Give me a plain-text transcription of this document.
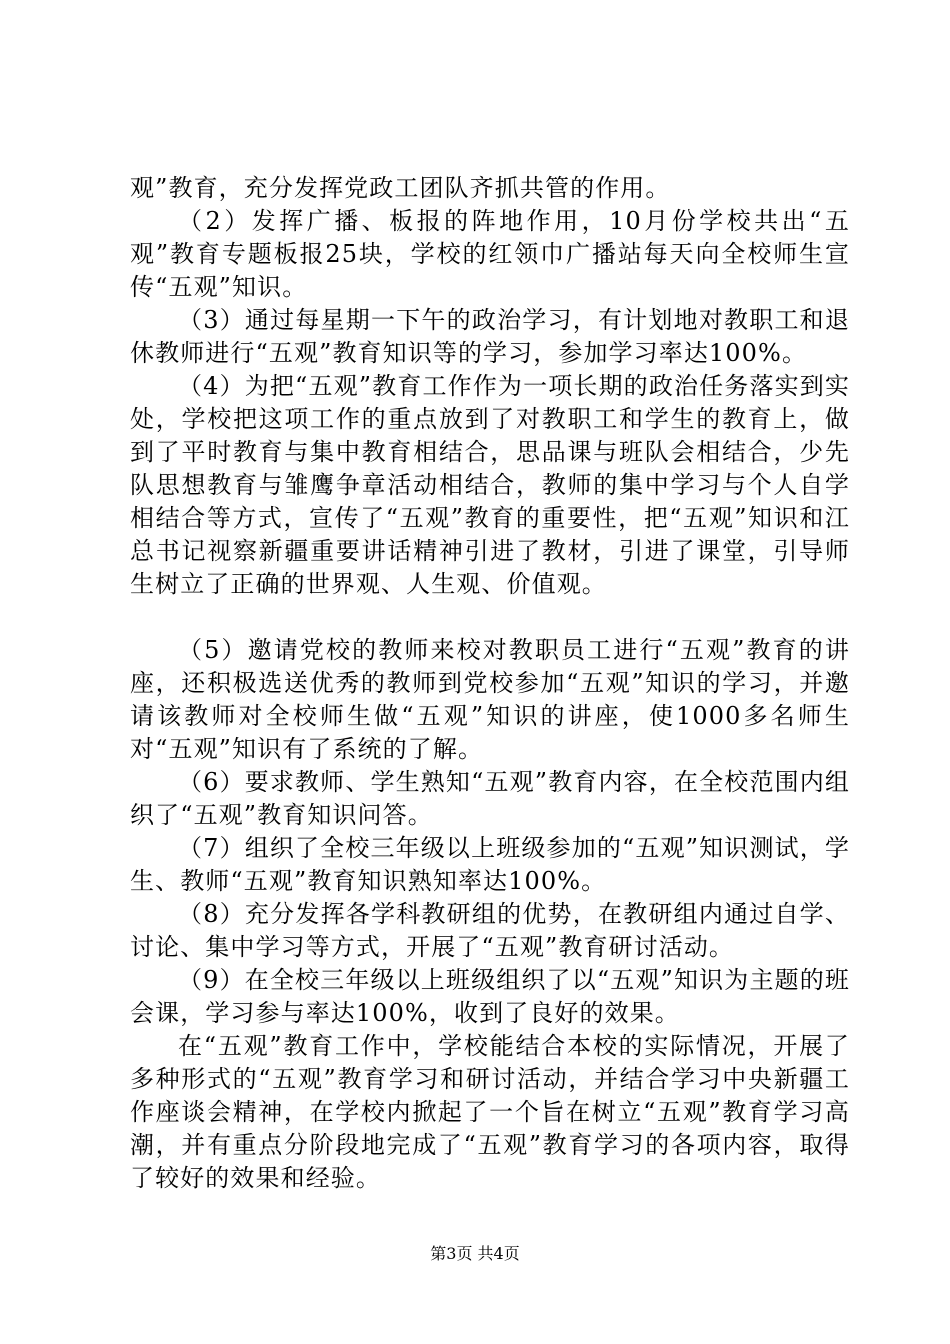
观”教育，充分发挥党政工团队齐抓共管的作用。

（2）发挥广播、板报的阵地作用，10月份学校共出“五观”教育专题板报25块，学校的红领巾广播站每天向全校师生宣传“五观”知识。

（3）通过每星期一下午的政治学习，有计划地对教职工和退休教师进行“五观”教育知识等的学习，参加学习率达100%。

（4）为把“五观”教育工作作为一项长期的政治任务落实到实处，学校把这项工作的重点放到了对教职工和学生的教育上，做到了平时教育与集中教育相结合，思品课与班队会相结合，少先队思想教育与雏鹰争章活动相结合，教师的集中学习与个人自学相结合等方式，宣传了“五观”教育的重要性，把“五观”知识和江总书记视察新疆重要讲话精神引进了教材，引进了课堂，引导师生树立了正确的世界观、人生观、价值观。

（5）邀请党校的教师来校对教职员工进行“五观”教育的讲座，还积极选送优秀的教师到党校参加“五观”知识的学习，并邀请该教师对全校师生做“五观”知识的讲座，使1000多名师生对“五观”知识有了系统的了解。

（6）要求教师、学生熟知“五观”教育内容，在全校范围内组织了“五观”教育知识问答。

（7）组织了全校三年级以上班级参加的“五观”知识测试，学生、教师“五观”教育知识熟知率达100%。

（8）充分发挥各学科教研组的优势，在教研组内通过自学、讨论、集中学习等方式，开展了“五观”教育研讨活动。

（9）在全校三年级以上班级组织了以“五观”知识为主题的班会课，学习参与率达100%，收到了良好的效果。

在“五观”教育工作中，学校能结合本校的实际情况，开展了多种形式的“五观”教育学习和研讨活动，并结合学习中央新疆工作座谈会精神，在学校内掀起了一个旨在树立“五观”教育学习高潮，并有重点分阶段地完成了“五观”教育学习的各项内容，取得了较好的效果和经验。

第3页 共4页
